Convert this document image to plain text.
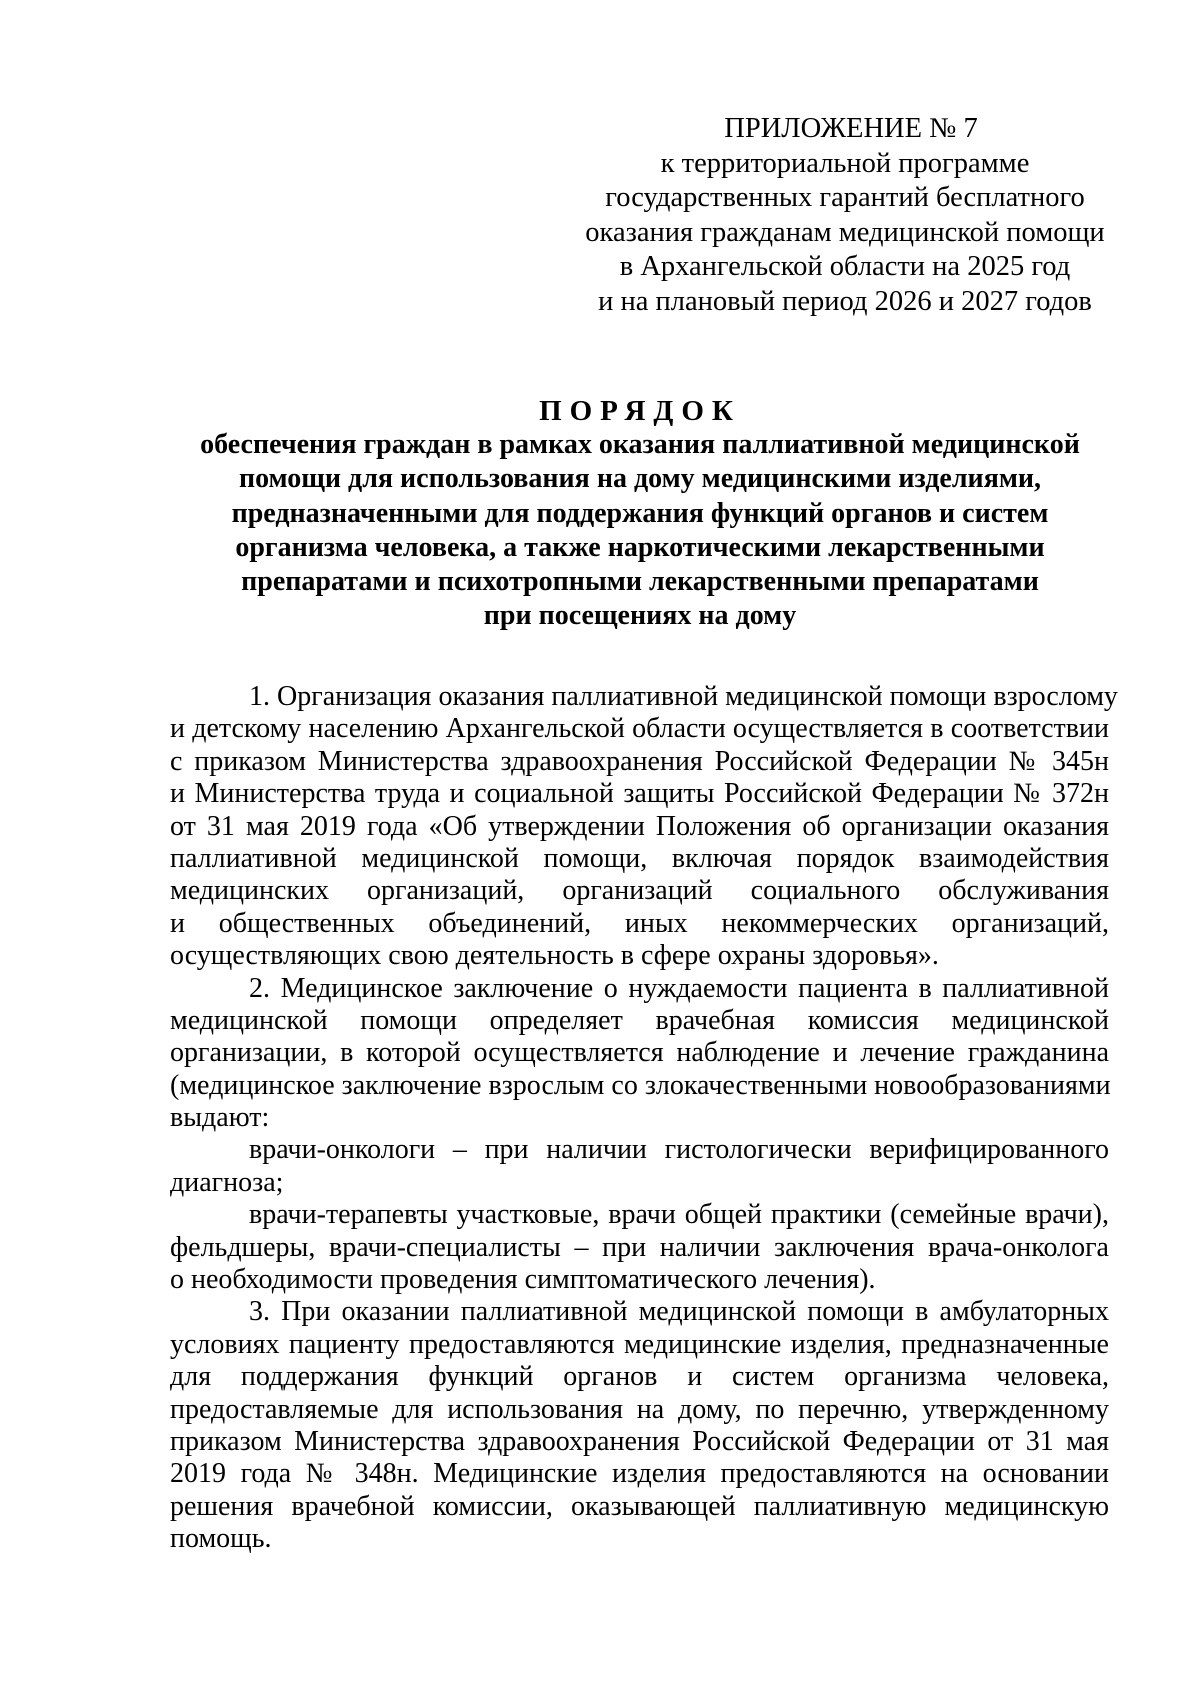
ПРИЛОЖЕНИЕ № 7
к территориальной программе
государственных гарантий бесплатного
оказания гражданам медицинской помощи
в Архангельской области на 2025 год
и на плановый период 2026 и 2027 годов
ПОРЯДОК
обеспечения граждан в рамках оказания паллиативной медицинской
помощи для использования на дому медицинскими изделиями,
предназначенными для поддержания функций органов и систем
организма человека, а также наркотическими лекарственными
препаратами и психотропными лекарственными препаратами
при посещениях на дому
1. Организация оказания паллиативной медицинской помощи взрослому
и детскому населению Архангельской области осуществляется в соответствии
с приказом Министерства здравоохранения Российской Федерации № 345н
и Министерства труда и социальной защиты Российской Федерации № 372н
от 31 мая 2019 года «Об утверждении Положения об организации оказания
паллиативной медицинской помощи, включая порядок взаимодействия
медицинских организаций, организаций социального обслуживания
и общественных объединений, иных некоммерческих организаций,
осуществляющих свою деятельность в сфере охраны здоровья».
2. Медицинское заключение о нуждаемости пациента в паллиативной
медицинской помощи определяет врачебная комиссия медицинской
организации, в которой осуществляется наблюдение и лечение гражданина
(медицинское заключение взрослым со злокачественными новообразованиями
выдают:
врачи-онкологи – при наличии гистологически верифицированного
диагноза;
врачи-терапевты участковые, врачи общей практики (семейные врачи),
фельдшеры, врачи-специалисты – при наличии заключения врача-онколога
о необходимости проведения симптоматического лечения).
3. При оказании паллиативной медицинской помощи в амбулаторных
условиях пациенту предоставляются медицинские изделия, предназначенные
для поддержания функций органов и систем организма человека,
предоставляемые для использования на дому, по перечню, утвержденному
приказом Министерства здравоохранения Российской Федерации от 31 мая
2019 года № 348н. Медицинские изделия предоставляются на основании
решения врачебной комиссии, оказывающей паллиативную медицинскую
помощь.
